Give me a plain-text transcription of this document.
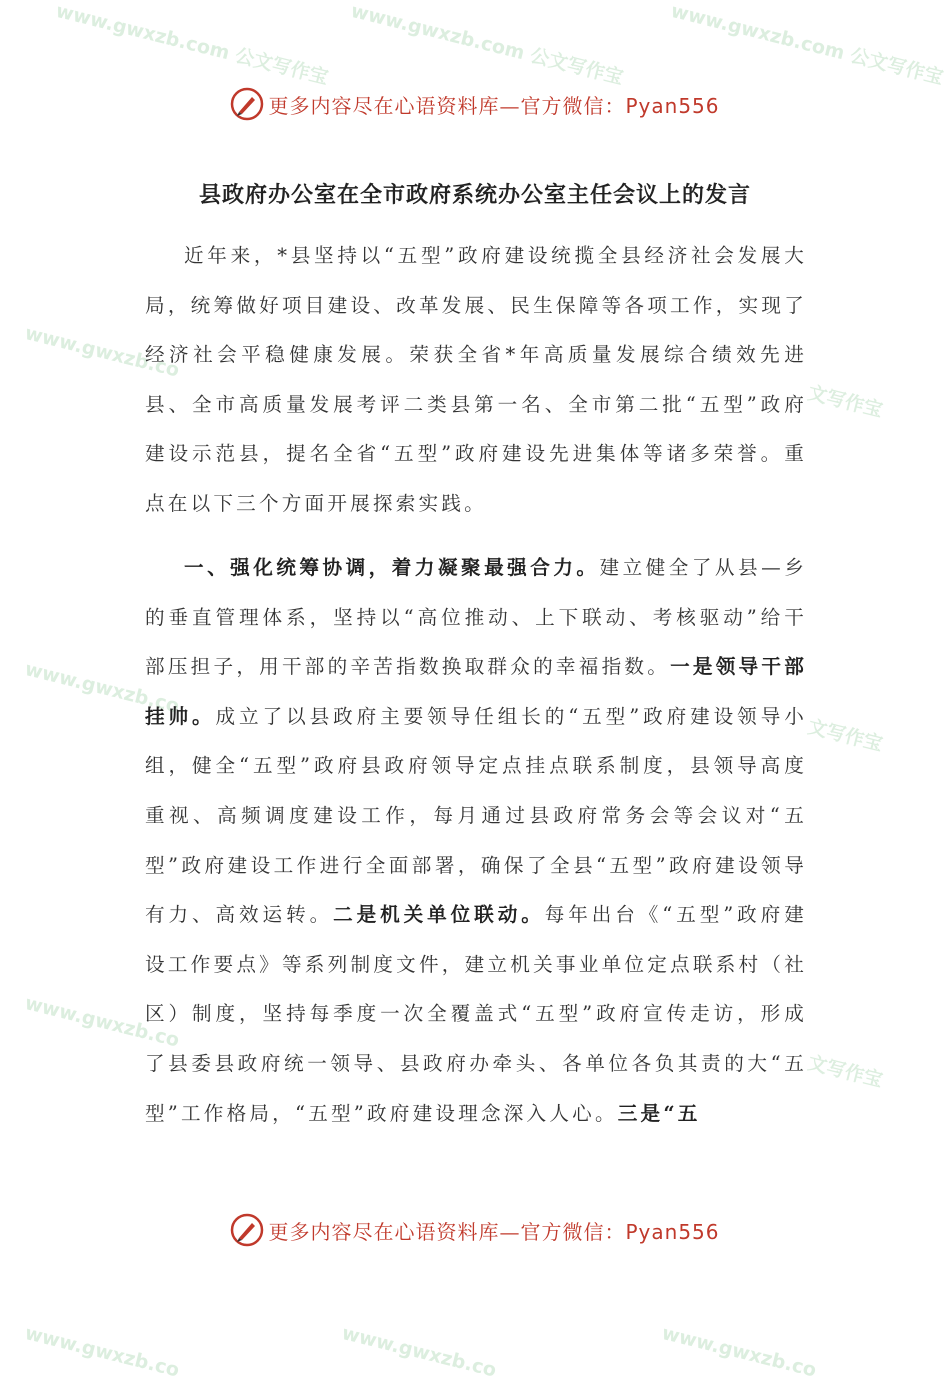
www.gwxzb.com 公文写作宝 www.gwxzb.com 公文写作宝 www.gwxzb.com 公文写作宝
www.gwxzb.co
文写作宝
www.gwxzb.co
文写作宝
www.gwxzb.co
文写作宝
更多内容尽在心语资料库—官方微信：Pyan556
县政府办公室在全市政府系统办公室主任会议上的发言

近年来，*县坚持以“五型”政府建设统揽全县经济社会发展大局，统筹做好项目建设、改革发展、民生保障等各项工作，实现了经济社会平稳健康发展。荣获全省*年高质量发展综合绩效先进县、全市高质量发展考评二类县第一名、全市第二批“五型”政府建设示范县，提名全省“五型”政府建设先进集体等诸多荣誉。重点在以下三个方面开展探索实践。

一、强化统筹协调，着力凝聚最强合力。建立健全了从县—乡的垂直管理体系，坚持以“高位推动、上下联动、考核驱动”给干部压担子，用干部的辛苦指数换取群众的幸福指数。一是领导干部挂帅。成立了以县政府主要领导任组长的“五型”政府建设领导小组，健全“五型”政府县政府领导定点挂点联系制度，县领导高度重视、高频调度建设工作，每月通过县政府常务会等会议对“五型”政府建设工作进行全面部署，确保了全县“五型”政府建设领导有力、高效运转。二是机关单位联动。每年出台《“五型”政府建设工作要点》等系列制度文件，建立机关事业单位定点联系村（社区）制度，坚持每季度一次全覆盖式“五型”政府宣传走访，形成了县委县政府统一领导、县政府办牵头、各单位各负其责的大“五型”工作格局，“五型”政府建设理念深入人心。三是“五

更多内容尽在心语资料库—官方微信：Pyan556
www.gwxzb.co	www.gwxzb.co	www.gwxzb.co
